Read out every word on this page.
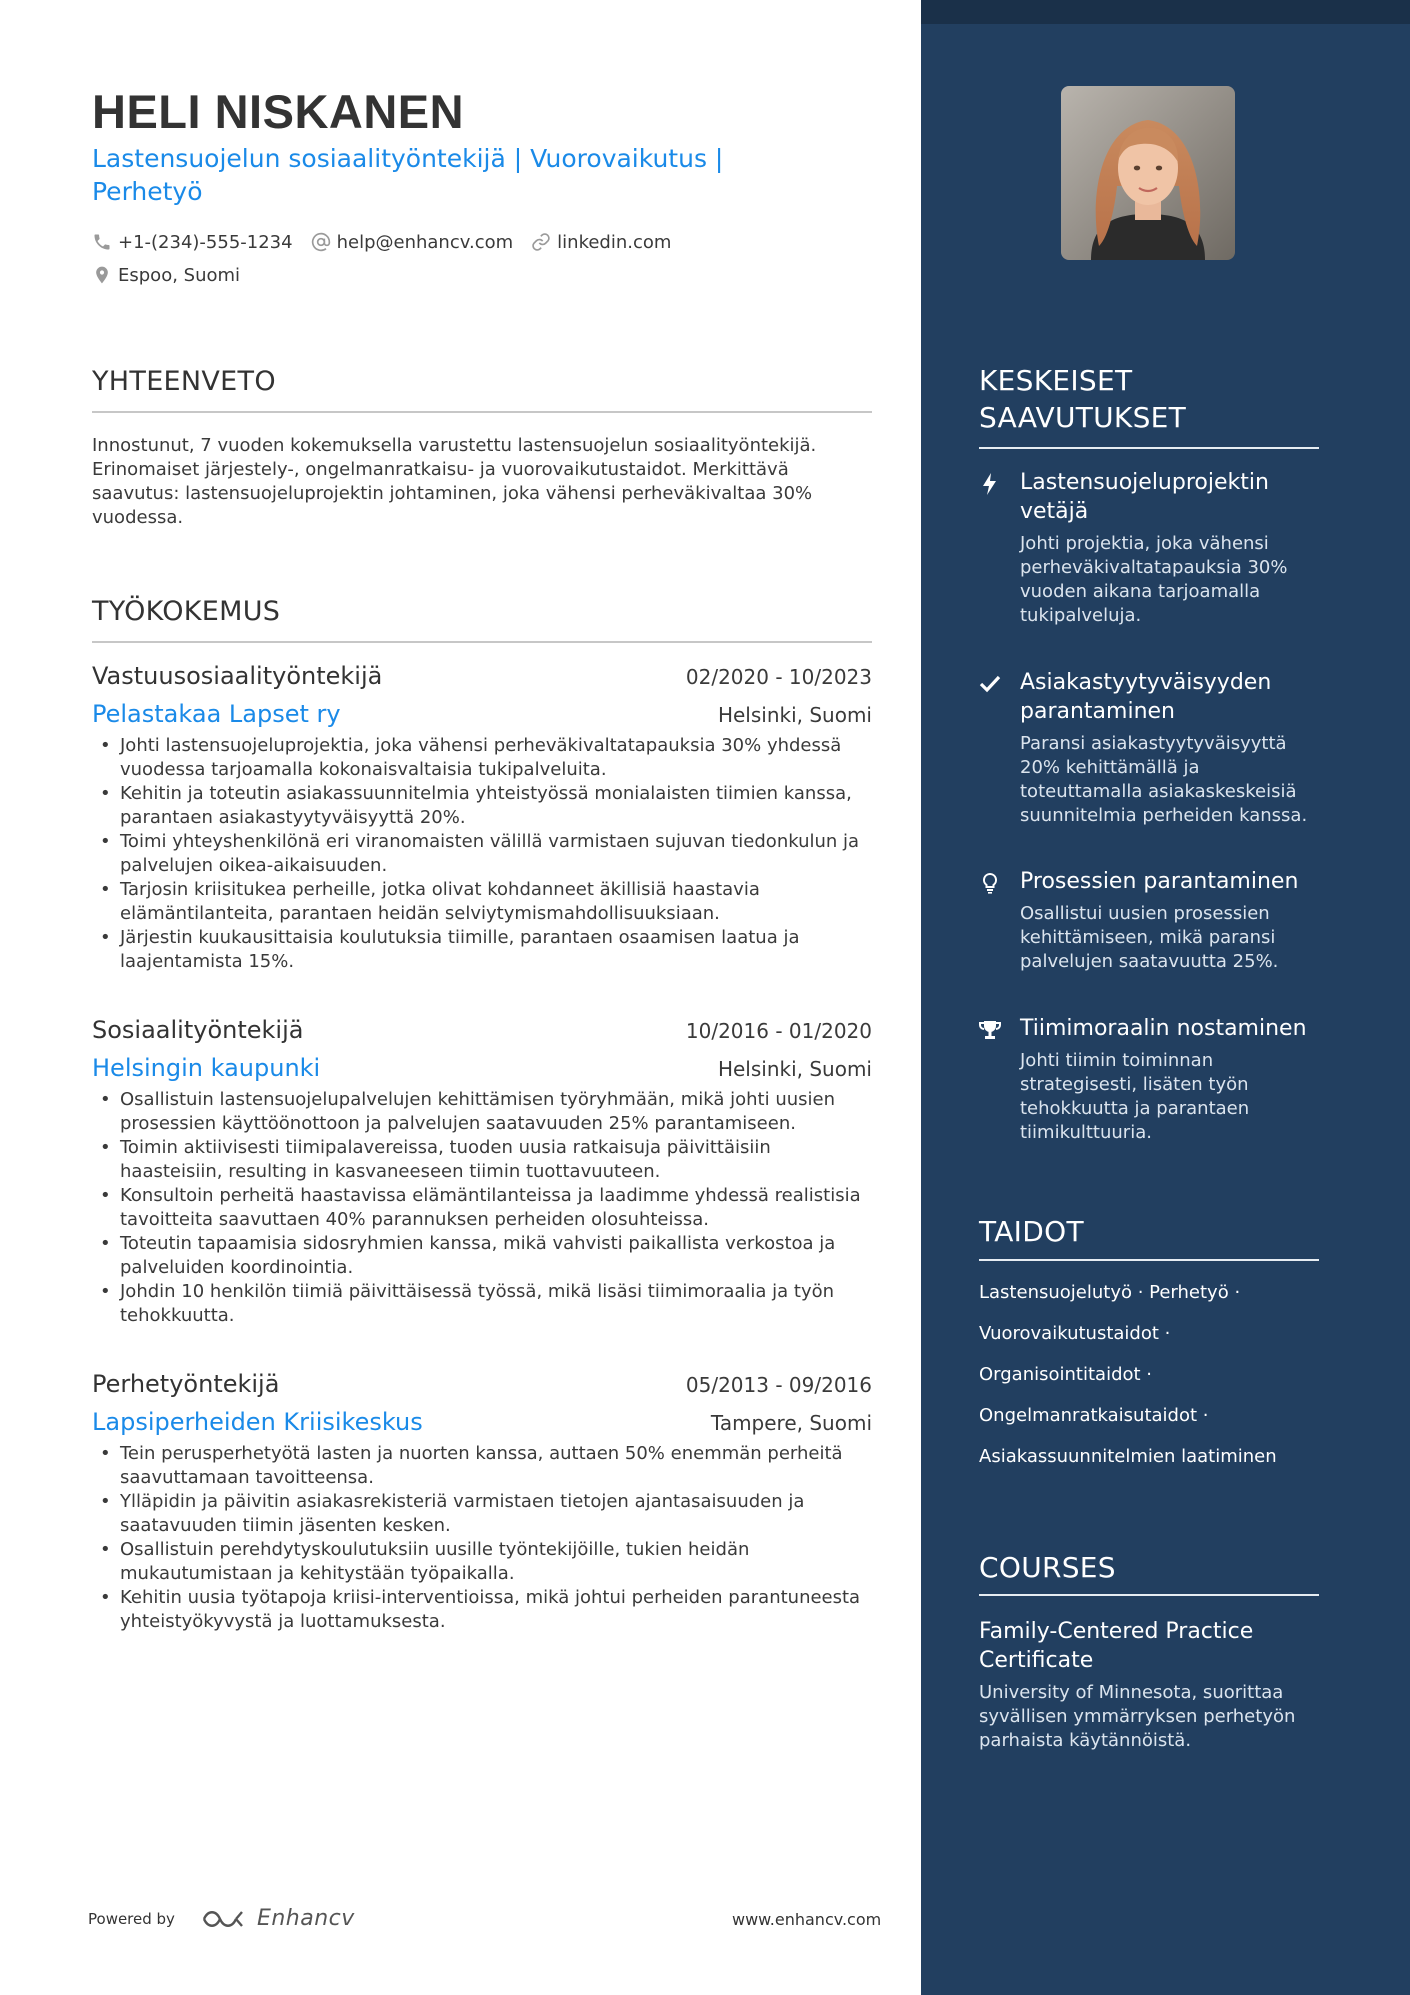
HELI NISKANEN
Lastensuojelun sosiaalityöntekijä | Vuorovaikutus | Perhetyö
+1-(234)-555-1234 help@enhancv.com linkedin.com
Espoo, Suomi
YHTEENVETO
Innostunut, 7 vuoden kokemuksella varustettu lastensuojelun sosiaalityöntekijä. Erinomaiset järjestely-, ongelmanratkaisu- ja vuorovaikutustaidot. Merkittävä saavutus: lastensuojeluprojektin johtaminen, joka vähensi perheväkivaltaa 30% vuodessa.
TYÖKOKEMUS
Vastuusosiaalityöntekijä	02/2020 - 10/2023
Pelastakaa Lapset ry	Helsinki, Suomi
• Johti lastensuojeluprojektia, joka vähensi perheväkivaltatapauksia 30% yhdessä vuodessa tarjoamalla kokonaisvaltaisia tukipalveluita.
• Kehitin ja toteutin asiakassuunnitelmia yhteistyössä monialaisten tiimien kanssa, parantaen asiakastyytyväisyyttä 20%.
• Toimi yhteyshenkilönä eri viranomaisten välillä varmistaen sujuvan tiedonkulun ja palvelujen oikea-aikaisuuden.
• Tarjosin kriisitukea perheille, jotka olivat kohdanneet äkillisiä haastavia elämäntilanteita, parantaen heidän selviytymismahdollisuuksiaan.
• Järjestin kuukausittaisia koulutuksia tiimille, parantaen osaamisen laatua ja laajentamista 15%.
Sosiaalityöntekijä	10/2016 - 01/2020
Helsingin kaupunki	Helsinki, Suomi
• Osallistuin lastensuojelupalvelujen kehittämisen työryhmään, mikä johti uusien prosessien käyttöönottoon ja palvelujen saatavuuden 25% parantamiseen.
• Toimin aktiivisesti tiimipalavereissa, tuoden uusia ratkaisuja päivittäisiin haasteisiin, resulting in kasvaneeseen tiimin tuottavuuteen.
• Konsultoin perheitä haastavissa elämäntilanteissa ja laadimme yhdessä realistisia tavoitteita saavuttaen 40% parannuksen perheiden olosuhteissa.
• Toteutin tapaamisia sidosryhmien kanssa, mikä vahvisti paikallista verkostoa ja palveluiden koordinointia.
• Johdin 10 henkilön tiimiä päivittäisessä työssä, mikä lisäsi tiimimoraalia ja työn tehokkuutta.
Perhetyöntekijä	05/2013 - 09/2016
Lapsiperheiden Kriisikeskus	Tampere, Suomi
• Tein perusperhetyötä lasten ja nuorten kanssa, auttaen 50% enemmän perheitä saavuttamaan tavoitteensa.
• Ylläpidin ja päivitin asiakasrekisteriä varmistaen tietojen ajantasaisuuden ja saatavuuden tiimin jäsenten kesken.
• Osallistuin perehdytyskoulutuksiin uusille työntekijöille, tukien heidän mukautumistaan ja kehitystään työpaikalla.
• Kehitin uusia työtapoja kriisi-interventioissa, mikä johtui perheiden parantuneesta yhteistyökyvystä ja luottamuksesta.
Powered by	Enhancv	www.enhancv.com
KESKEISET SAAVUTUKSET
Lastensuojeluprojektin vetäjä
Johti projektia, joka vähensi perheväkivaltatapauksia 30% vuoden aikana tarjoamalla tukipalveluja.
Asiakastyytyväisyyden parantaminen
Paransi asiakastyytyväisyyttä 20% kehittämällä ja toteuttamalla asiakaskeskeisiä suunnitelmia perheiden kanssa.
Prosessien parantaminen
Osallistui uusien prosessien kehittämiseen, mikä paransi palvelujen saatavuutta 25%.
Tiimimoraalin nostaminen
Johti tiimin toiminnan strategisesti, lisäten työn tehokkuutta ja parantaen tiimikulttuuria.
TAIDOT
Lastensuojelutyö · Perhetyö ·
Vuorovaikutustaidot ·
Organisointitaidot ·
Ongelmanratkaisutaidot ·
Asiakassuunnitelmien laatiminen
COURSES
Family-Centered Practice Certificate
University of Minnesota, suorittaa syvällisen ymmärryksen perhetyön parhaista käytännöistä.
